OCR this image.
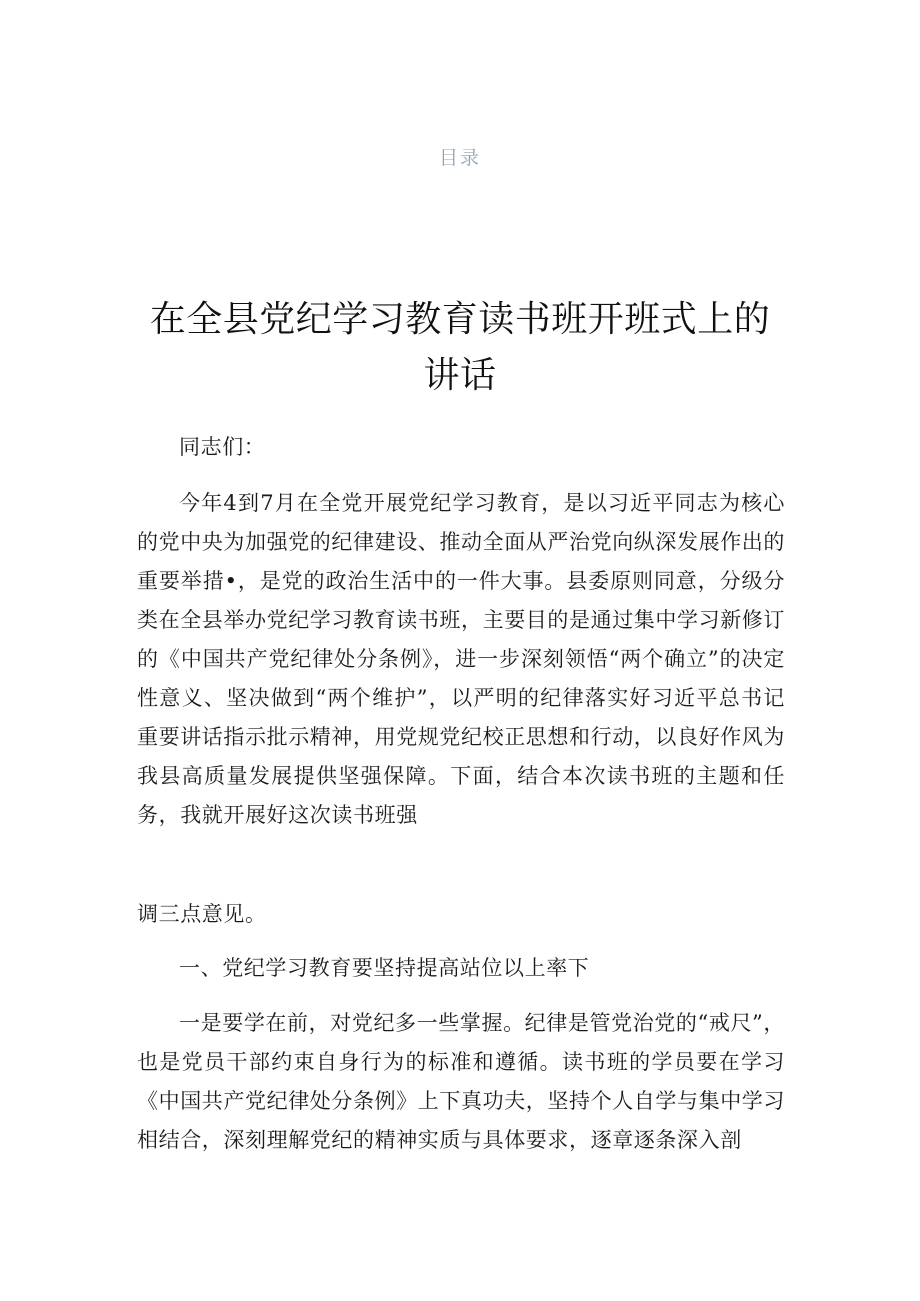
目录
在全县党纪学习教育读书班开班式上的讲话

同志们：

今年4到7月在全党开展党纪学习教育，是以习近平同志为核心的党中央为加强党的纪律建设、推动全面从严治党向纵深发展作出的重要举措•，是党的政治生活中的一件大事。县委原则同意，分级分类在全县举办党纪学习教育读书班，主要目的是通过集中学习新修订的《中国共产党纪律处分条例》，进一步深刻领悟“两个确立”的决定性意义、坚决做到“两个维护”，以严明的纪律落实好习近平总书记重要讲话指示批示精神，用党规党纪校正思想和行动，以良好作风为我县高质量发展提供坚强保障。下面，结合本次读书班的主题和任务，我就开展好这次读书班强

调三点意见。

一、党纪学习教育要坚持提高站位以上率下

一是要学在前，对党纪多一些掌握。纪律是管党治党的“戒尺”，也是党员干部约束自身行为的标准和遵循。读书班的学员要在学习《中国共产党纪律处分条例》上下真功夫，坚持个人自学与集中学习相结合，深刻理解党纪的精神实质与具体要求，逐章逐条深入剖
